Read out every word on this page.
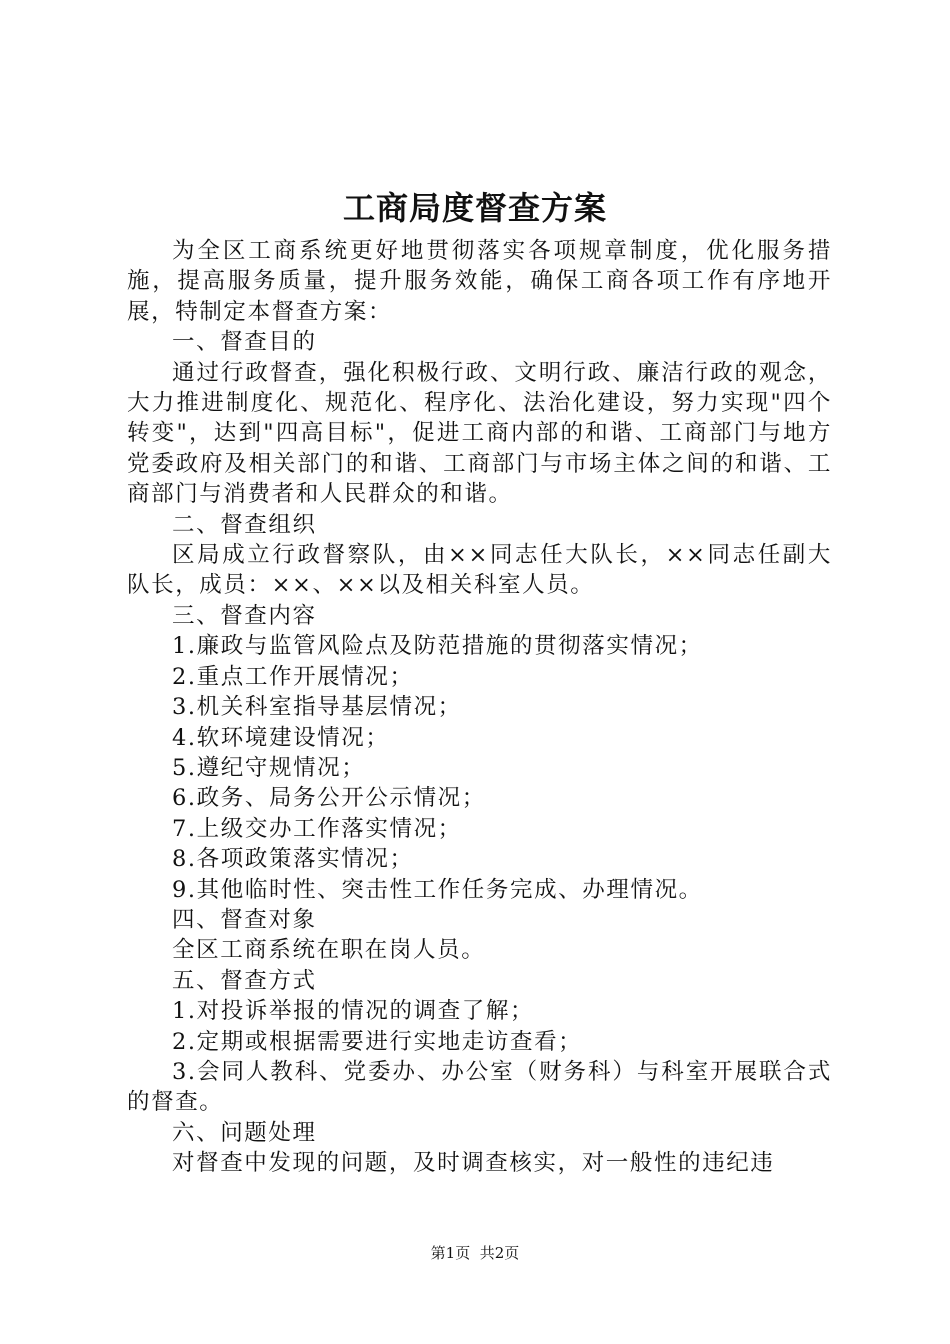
工商局度督查方案

为全区工商系统更好地贯彻落实各项规章制度，优化服务措施，提高服务质量，提升服务效能，确保工商各项工作有序地开展，特制定本督查方案：

一、督查目的

通过行政督查，强化积极行政、文明行政、廉洁行政的观念，大力推进制度化、规范化、程序化、法治化建设，努力实现"四个转变"，达到"四高目标"，促进工商内部的和谐、工商部门与地方党委政府及相关部门的和谐、工商部门与市场主体之间的和谐、工商部门与消费者和人民群众的和谐。

二、督查组织

区局成立行政督察队，由××同志任大队长，××同志任副大队长，成员：××、××以及相关科室人员。

三、督查内容

1.廉政与监管风险点及防范措施的贯彻落实情况；

2.重点工作开展情况；

3.机关科室指导基层情况；

4.软环境建设情况；

5.遵纪守规情况；

6.政务、局务公开公示情况；

7.上级交办工作落实情况；

8.各项政策落实情况；

9.其他临时性、突击性工作任务完成、办理情况。

四、督查对象

全区工商系统在职在岗人员。

五、督查方式

1.对投诉举报的情况的调查了解；

2.定期或根据需要进行实地走访查看；

3.会同人教科、党委办、办公室（财务科）与科室开展联合式的督查。

六、问题处理

对督查中发现的问题，及时调查核实，对一般性的违纪违

第1页 共2页
